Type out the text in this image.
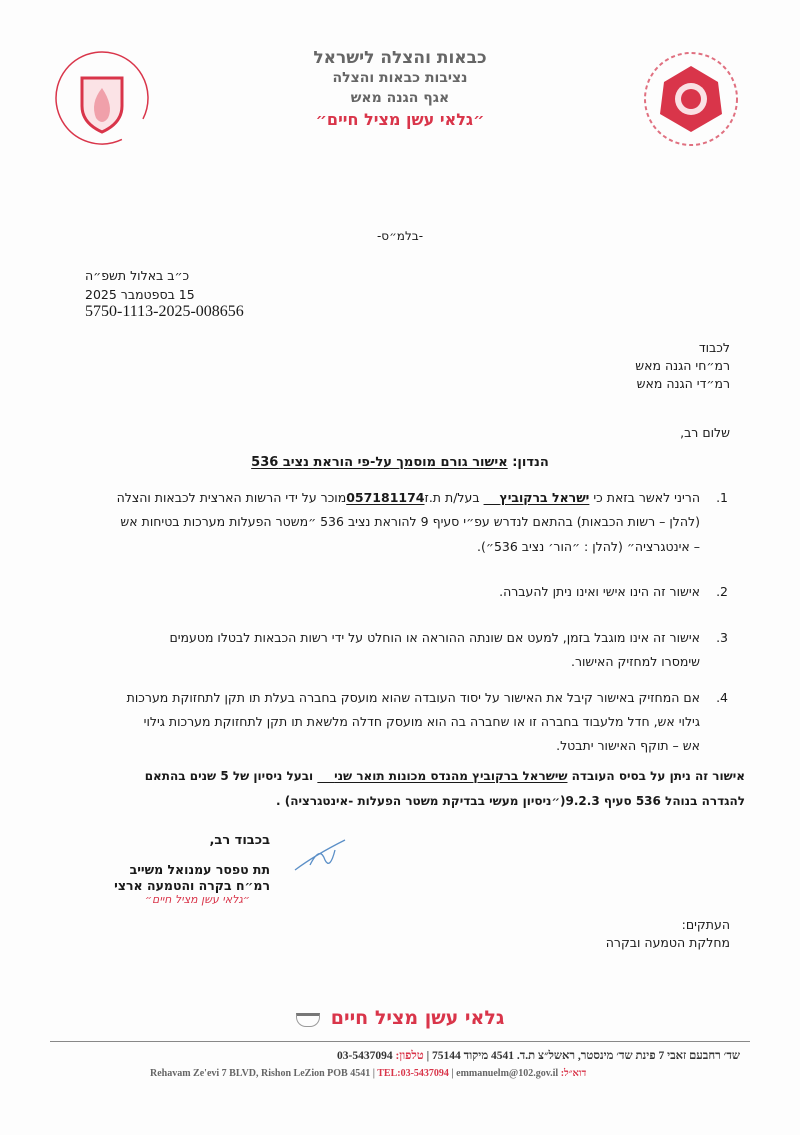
כבאות והצלה לישראל
נציבות כבאות והצלה
אגף הגנה מאש
״גלאי עשן מציל חיים״
-בלמ״ס-
כ״ב באלול תשפ״ה
15 בספטמבר 2025
5750-1113-2025-008656
לכבוד
רמ״חי הגנה מאש
רמ״די הגנה מאש
שלום רב,
הנדון: אישור גורם מוסמך על-פי הוראת נציב 536
1.
הריני לאשר בזאת כי ישראל ברקוביץ     בעל/ת ת.ז057181174מוכר על ידי הרשות הארצית לכבאות והצלה
(להלן – רשות הכבאות) בהתאם לנדרש עפ״י סעיף 9 להוראת נציב 536 ״משטר הפעלות מערכות בטיחות אש
– אינטגרציה״ (להלן : ״הור׳ נציב 536״).
2.
אישור זה הינו אישי ואינו ניתן להעברה.
3.
אישור זה אינו מוגבל בזמן, למעט אם שונתה ההוראה או הוחלט על ידי רשות הכבאות לבטלו מטעמים
שימסרו למחזיק האישור.
4.
אם המחזיק באישור קיבל את האישור על יסוד העובדה שהוא מועסק בחברה בעלת תו תקן לתחזוקת מערכות
גילוי אש, חדל מלעבוד בחברה זו או שחברה בה הוא מועסק חדלה מלשאת תו תקן לתחזוקת מערכות גילוי
אש – תוקף האישור יתבטל.
אישור זה ניתן על בסיס העובדה שישראל ברקוביץ מהנדס מכונות תואר שני     ובעל ניסיון של 5 שנים בהתאם
להגדרה בנוהל 536 סעיף 9.2.3(״ניסיון מעשי בבדיקת משטר הפעלות -אינטגרציה) .
בכבוד רב,
תת טפסר עמנואל משייב
רמ״ח בקרה והטמעה ארצי
״גלאי עשן מציל חיים״
העתקים:
מחלקת הטמעה ובקרה
גלאי עשן מציל חיים
שד׳ רחבעם זאבי 7 פינת שד׳ מינסטר, ראשל״צ ת.ד. 4541 מיקוד 75144 | טלפון: 03-5437094
Rehavam Ze'evi 7 BLVD, Rishon LeZion POB 4541 | TEL:03-5437094 | emmanuelm@102.gov.il :דוא״ל
